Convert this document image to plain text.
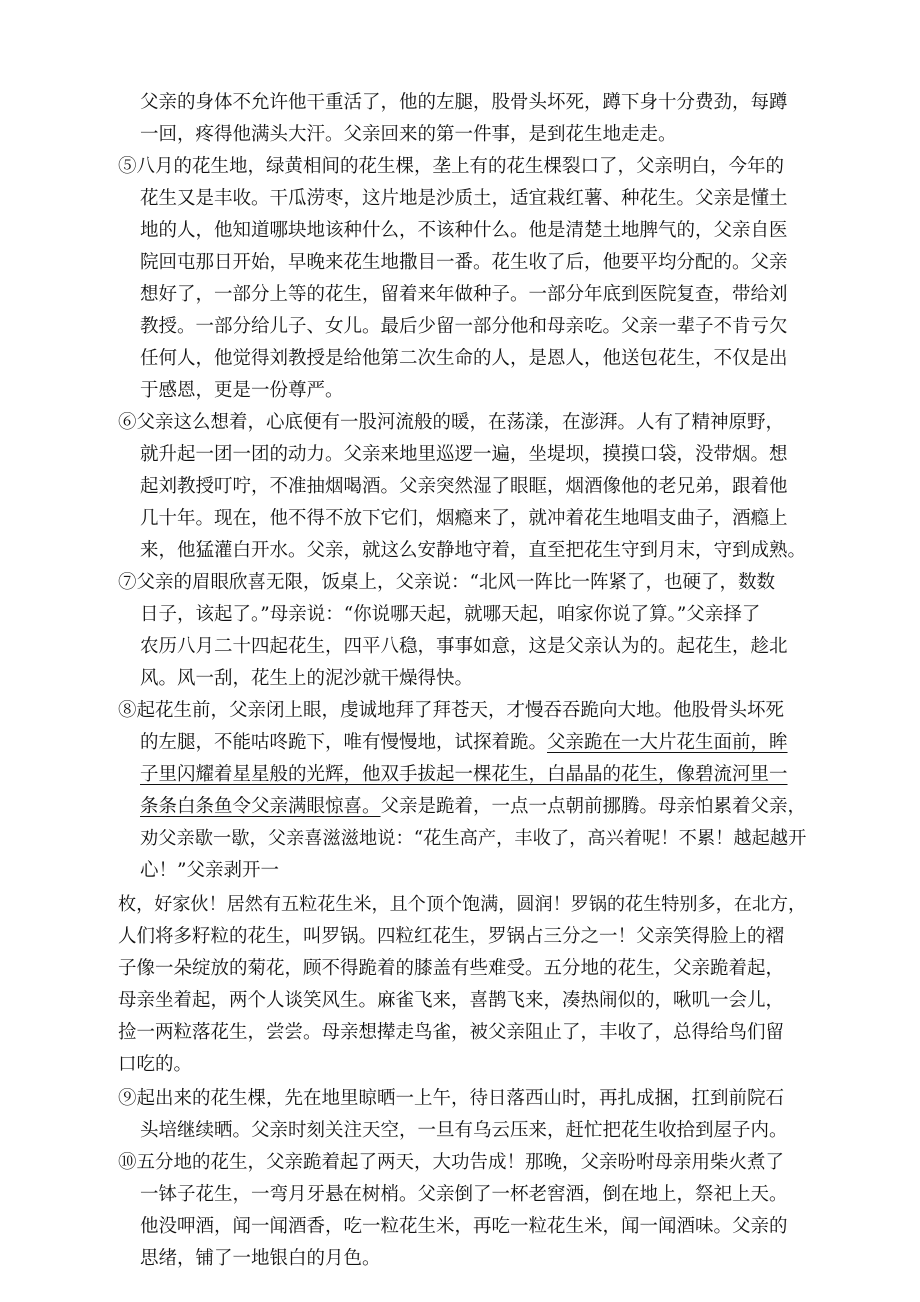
父亲的身体不允许他干重活了，他的左腿，股骨头坏死，蹲下身十分费劲，每蹲
一回，疼得他满头大汗。父亲回来的第一件事，是到花生地走走。
⑤八月的花生地，绿黄相间的花生棵，垄上有的花生棵裂口了，父亲明白，今年的
花生又是丰收。干瓜涝枣，这片地是沙质土，适宜栽红薯、种花生。父亲是懂土
地的人，他知道哪块地该种什么，不该种什么。他是清楚土地脾气的，父亲自医
院回屯那日开始，早晚来花生地撒目一番。花生收了后，他要平均分配的。父亲
想好了，一部分上等的花生，留着来年做种子。一部分年底到医院复查，带给刘
教授。一部分给儿子、女儿。最后少留一部分他和母亲吃。父亲一辈子不肯亏欠
任何人，他觉得刘教授是给他第二次生命的人，是恩人，他送包花生，不仅是出
于感恩，更是一份尊严。
⑥父亲这么想着，心底便有一股河流般的暖，在荡漾，在澎湃。人有了精神原野，
就升起一团一团的动力。父亲来地里巡逻一遍，坐堤坝，摸摸口袋，没带烟。想
起刘教授叮咛，不准抽烟喝酒。父亲突然湿了眼眶，烟酒像他的老兄弟，跟着他
几十年。现在，他不得不放下它们，烟瘾来了，就冲着花生地唱支曲子，酒瘾上
来，他猛灌白开水。父亲，就这么安静地守着，直至把花生守到月末，守到成熟。
⑦父亲的眉眼欣喜无限，饭桌上，父亲说：“北风一阵比一阵紧了，也硬了，数数
日子，该起了。”母亲说：“你说哪天起，就哪天起，咱家你说了算。”父亲择了
农历八月二十四起花生，四平八稳，事事如意，这是父亲认为的。起花生，趁北
风。风一刮，花生上的泥沙就干燥得快。
⑧起花生前，父亲闭上眼，虔诚地拜了拜苍天，才慢吞吞跪向大地。他股骨头坏死
的左腿，不能咕咚跪下，唯有慢慢地，试探着跪。父亲跪在一大片花生面前，眸
子里闪耀着星星般的光辉，他双手拔起一棵花生，白晶晶的花生，像碧流河里一
条条白条鱼令父亲满眼惊喜。父亲是跪着，一点一点朝前挪腾。母亲怕累着父亲，
劝父亲歇一歇，父亲喜滋滋地说：“花生高产，丰收了，高兴着呢！不累！越起越开
心！”父亲剥开一
枚，好家伙！居然有五粒花生米，且个顶个饱满，圆润！罗锅的花生特别多，在北方，
人们将多籽粒的花生，叫罗锅。四粒红花生，罗锅占三分之一！父亲笑得脸上的褶
子像一朵绽放的菊花，顾不得跪着的膝盖有些难受。五分地的花生，父亲跪着起，
母亲坐着起，两个人谈笑风生。麻雀飞来，喜鹊飞来，凑热闹似的，啾叽一会儿，
捡一两粒落花生，尝尝。母亲想撵走鸟雀，被父亲阻止了，丰收了，总得给鸟们留
口吃的。
⑨起出来的花生棵，先在地里晾晒一上午，待日落西山时，再扎成捆，扛到前院石
头培继续晒。父亲时刻关注天空，一旦有乌云压来，赶忙把花生收拾到屋子内。
⑩五分地的花生，父亲跪着起了两天，大功告成！那晚，父亲吩咐母亲用柴火煮了
一钵子花生，一弯月牙悬在树梢。父亲倒了一杯老窖酒，倒在地上，祭祀上天。
他没呷酒，闻一闻酒香，吃一粒花生米，再吃一粒花生米，闻一闻酒味。父亲的
思绪，铺了一地银白的月色。
